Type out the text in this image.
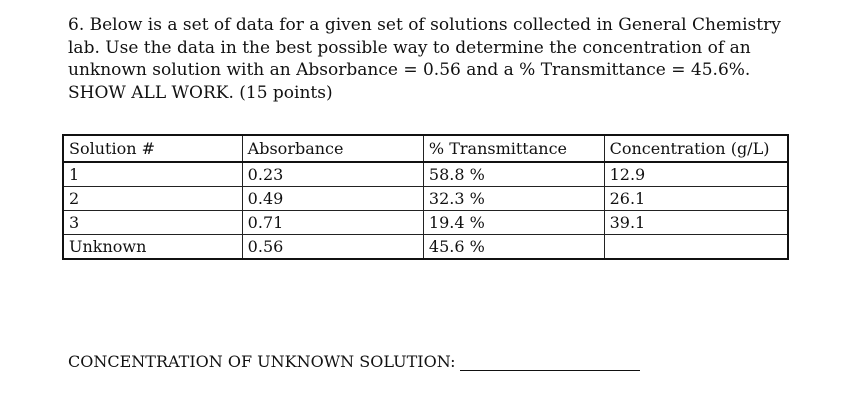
6. Below is a set of data for a given set of solutions collected in General Chemistry
lab. Use the data in the best possible way to determine the concentration of an
unknown solution with an Absorbance = 0.56 and a % Transmittance = 45.6%.
SHOW ALL WORK. (15 points)
Solution #	Absorbance	% Transmittance	Concentration (g/L)
1	0.23	58.8 %	12.9
2	0.49	32.3 %	26.1
3	0.71	19.4 %	39.1
Unknown	0.56	45.6 %	
CONCENTRATION OF UNKNOWN SOLUTION:
